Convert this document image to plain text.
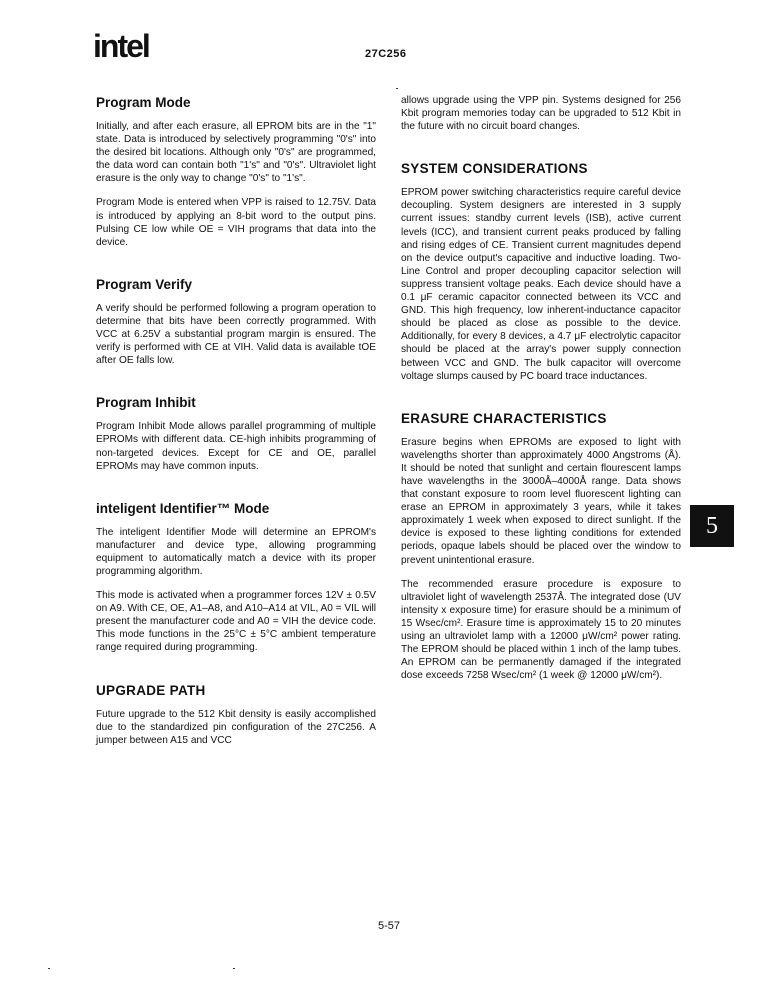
intel	27C256
Program Mode

Initially, and after each erasure, all EPROM bits are in the "1" state. Data is introduced by selectively programming "0's" into the desired bit locations. Although only "0's" are programmed, the data word can contain both "1's" and "0's". Ultraviolet light erasure is the only way to change "0's" to "1's".

Program Mode is entered when VPP is raised to 12.75V. Data is introduced by applying an 8-bit word to the output pins. Pulsing CE low while OE = VIH programs that data into the device.

Program Verify

A verify should be performed following a program operation to determine that bits have been correctly programmed. With VCC at 6.25V a substantial program margin is ensured. The verify is performed with CE at VIH. Valid data is available tOE after OE falls low.

Program Inhibit

Program Inhibit Mode allows parallel programming of multiple EPROMs with different data. CE-high inhibits programming of non-targeted devices. Except for CE and OE, parallel EPROMs may have common inputs.

inteligent Identifier™ Mode

The inteligent Identifier Mode will determine an EPROM's manufacturer and device type, allowing programming equipment to automatically match a device with its proper programming algorithm.

This mode is activated when a programmer forces 12V ± 0.5V on A9. With CE, OE, A1–A8, and A10–A14 at VIL, A0 = VIL will present the manufacturer code and A0 = VIH the device code. This mode functions in the 25°C ± 5°C ambient temperature range required during programming.

UPGRADE PATH

Future upgrade to the 512 Kbit density is easily accomplished due to the standardized pin configuration of the 27C256. A jumper between A15 and VCC

allows upgrade using the VPP pin. Systems designed for 256 Kbit program memories today can be upgraded to 512 Kbit in the future with no circuit board changes.

SYSTEM CONSIDERATIONS

EPROM power switching characteristics require careful device decoupling. System designers are interested in 3 supply current issues: standby current levels (ISB), active current levels (ICC), and transient current peaks produced by falling and rising edges of CE. Transient current magnitudes depend on the device output's capacitive and inductive loading. Two-Line Control and proper decoupling capacitor selection will suppress transient voltage peaks. Each device should have a 0.1 μF ceramic capacitor connected between its VCC and GND. This high frequency, low inherent-inductance capacitor should be placed as close as possible to the device. Additionally, for every 8 devices, a 4.7 μF electrolytic capacitor should be placed at the array's power supply connection between VCC and GND. The bulk capacitor will overcome voltage slumps caused by PC board trace inductances.

ERASURE CHARACTERISTICS

Erasure begins when EPROMs are exposed to light with wavelengths shorter than approximately 4000 Angstroms (Å). It should be noted that sunlight and certain flourescent lamps have wavelengths in the 3000Å–4000Å range. Data shows that constant exposure to room level fluorescent lighting can erase an EPROM in approximately 3 years, while it takes approximately 1 week when exposed to direct sunlight. If the device is exposed to these lighting conditions for extended periods, opaque labels should be placed over the window to prevent unintentional erasure.

The recommended erasure procedure is exposure to ultraviolet light of wavelength 2537Å. The integrated dose (UV intensity x exposure time) for erasure should be a minimum of 15 Wsec/cm². Erasure time is approximately 15 to 20 minutes using an ultraviolet lamp with a 12000 μW/cm² power rating. The EPROM should be placed within 1 inch of the lamp tubes. An EPROM can be permanently damaged if the integrated dose exceeds 7258 Wsec/cm² (1 week @ 12000 μW/cm²).

5
5-57
